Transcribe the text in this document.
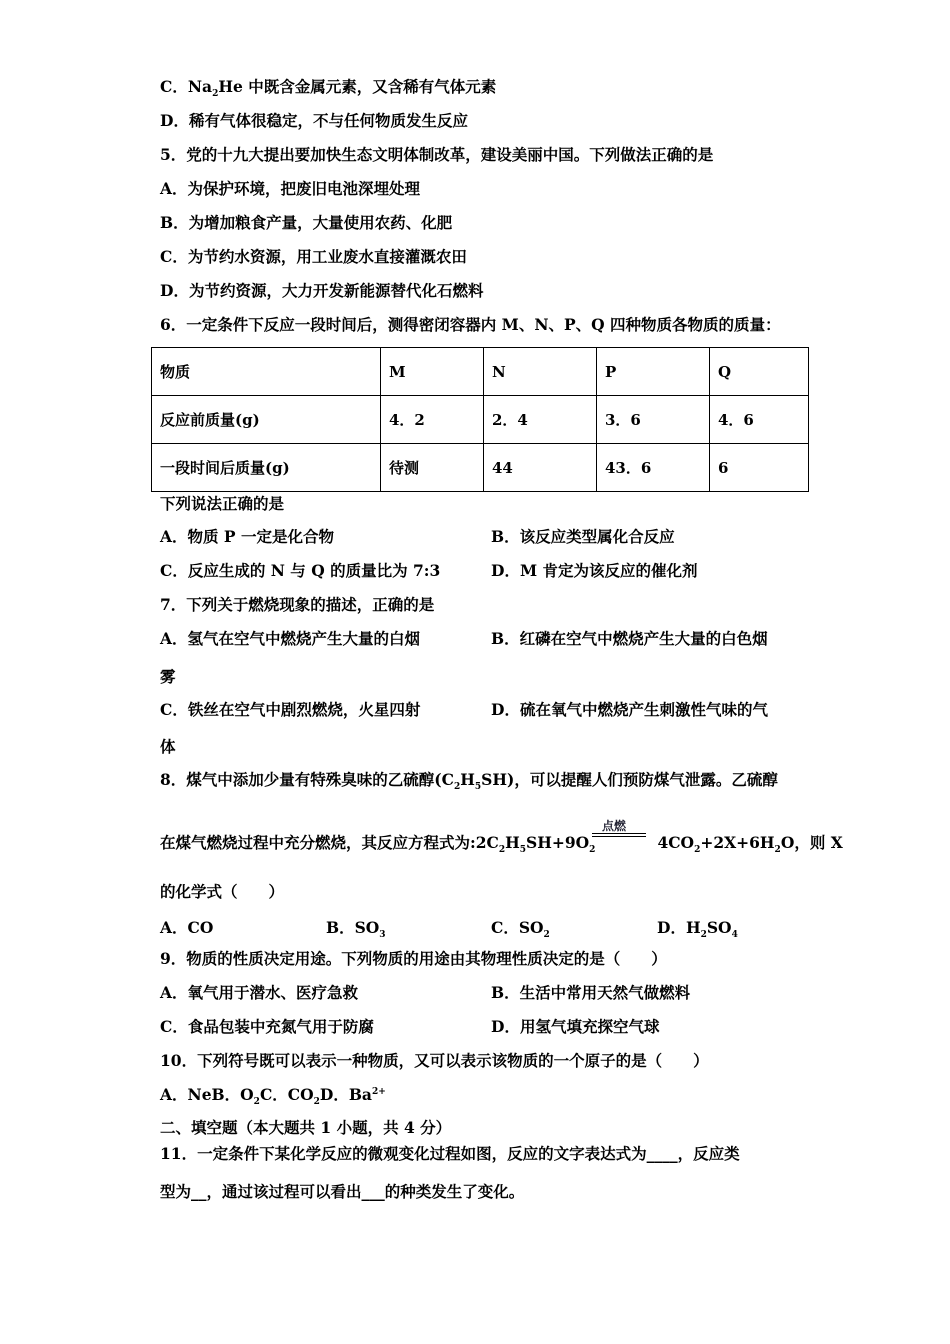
C．$Na_2He$ 中既含金属元素，又含稀有气体元素
D．稀有气体很稳定，不与任何物质发生反应
5．党的十九大提出要加快生态文明体制改革，建设美丽中国。下列做法正确的是
A．为保护环境，把废旧电池深埋处理
B．为增加粮食产量，大量使用农药、化肥
C．为节约水资源，用工业废水直接灌溉农田
D．为节约资源，大力开发新能源替代化石燃料
6．一定条件下反应一段时间后，测得密闭容器内 M、N、P、Q 四种物质各物质的质量：
物质	M	N	P	Q
反应前质量(g)	4．2	2．4	3．6	4．6
一段时间后质量(g)	待测	44	43．6	6
下列说法正确的是
A．物质 P 一定是化合物	B．该反应类型属化合反应
C．反应生成的 N 与 Q 的质量比为 7:3	D．M 肯定为该反应的催化剂
7．下列关于燃烧现象的描述，正确的是
A．氢气在空气中燃烧产生大量的白烟	B．红磷在空气中燃烧产生大量的白色烟
雾
C．铁丝在空气中剧烈燃烧，火星四射	D．硫在氧气中燃烧产生刺激性气味的气
体
8．煤气中添加少量有特殊臭味的乙硫醇$(C_2H_5SH)$，可以提醒人们预防煤气泄露。乙硫醇
在煤气燃烧过程中充分燃烧，其反应方程式为$:2C_2H_5SH+9O_2$	$4CO_2+2X+6H_2O$，则 X
点燃
的化学式（　　）
A．CO	B．$SO_3$	C．$SO_2$	D．$H_2SO_4$
9．物质的性质决定用途。下列物质的用途由其物理性质决定的是（　　）
A．氧气用于潜水、医疗急救	B．生活中常用天然气做燃料
C．食品包装中充氮气用于防腐	D．用氢气填充探空气球
10．下列符号既可以表示一种物质，又可以表示该物质的一个原子的是（　　）
A．NeB．$O_2C$．$CO_2D$．$Ba^{2+}$
二、填空题（本大题共 1 小题，共 4 分）
11．一定条件下某化学反应的微观变化过程如图，反应的文字表达式为____，反应类
型为__，通过该过程可以看出___的种类发生了变化。
